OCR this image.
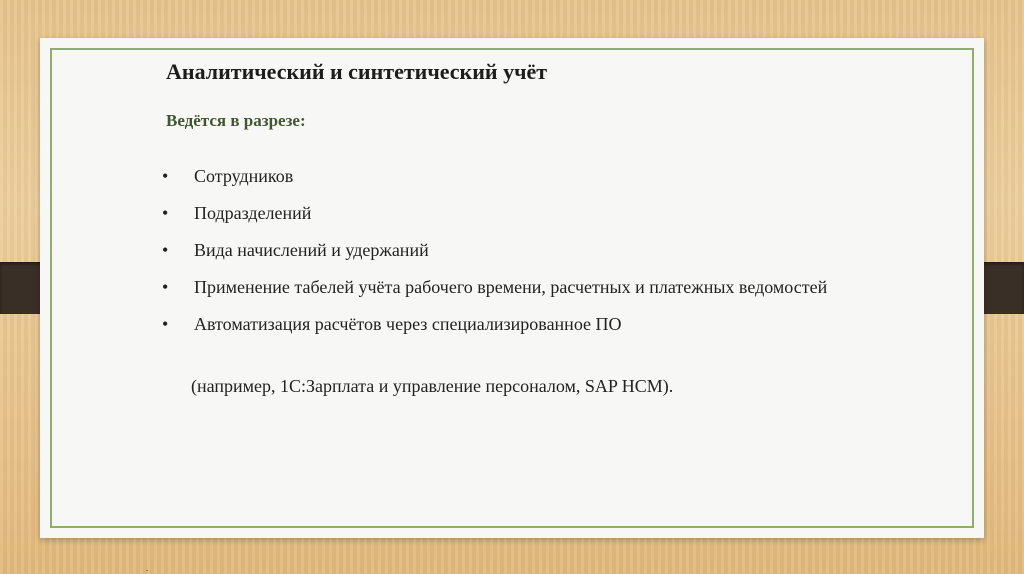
Аналитический и синтетический учёт
Ведётся в разрезе:
• Сотрудников
• Подразделений
• Вида начислений и удержаний
• Применение табелей учёта рабочего времени, расчетных и платежных ведомостей
• Автоматизация расчётов через специализированное ПО
(например, 1С:Зарплата и управление персоналом, SAP HCM).
.
